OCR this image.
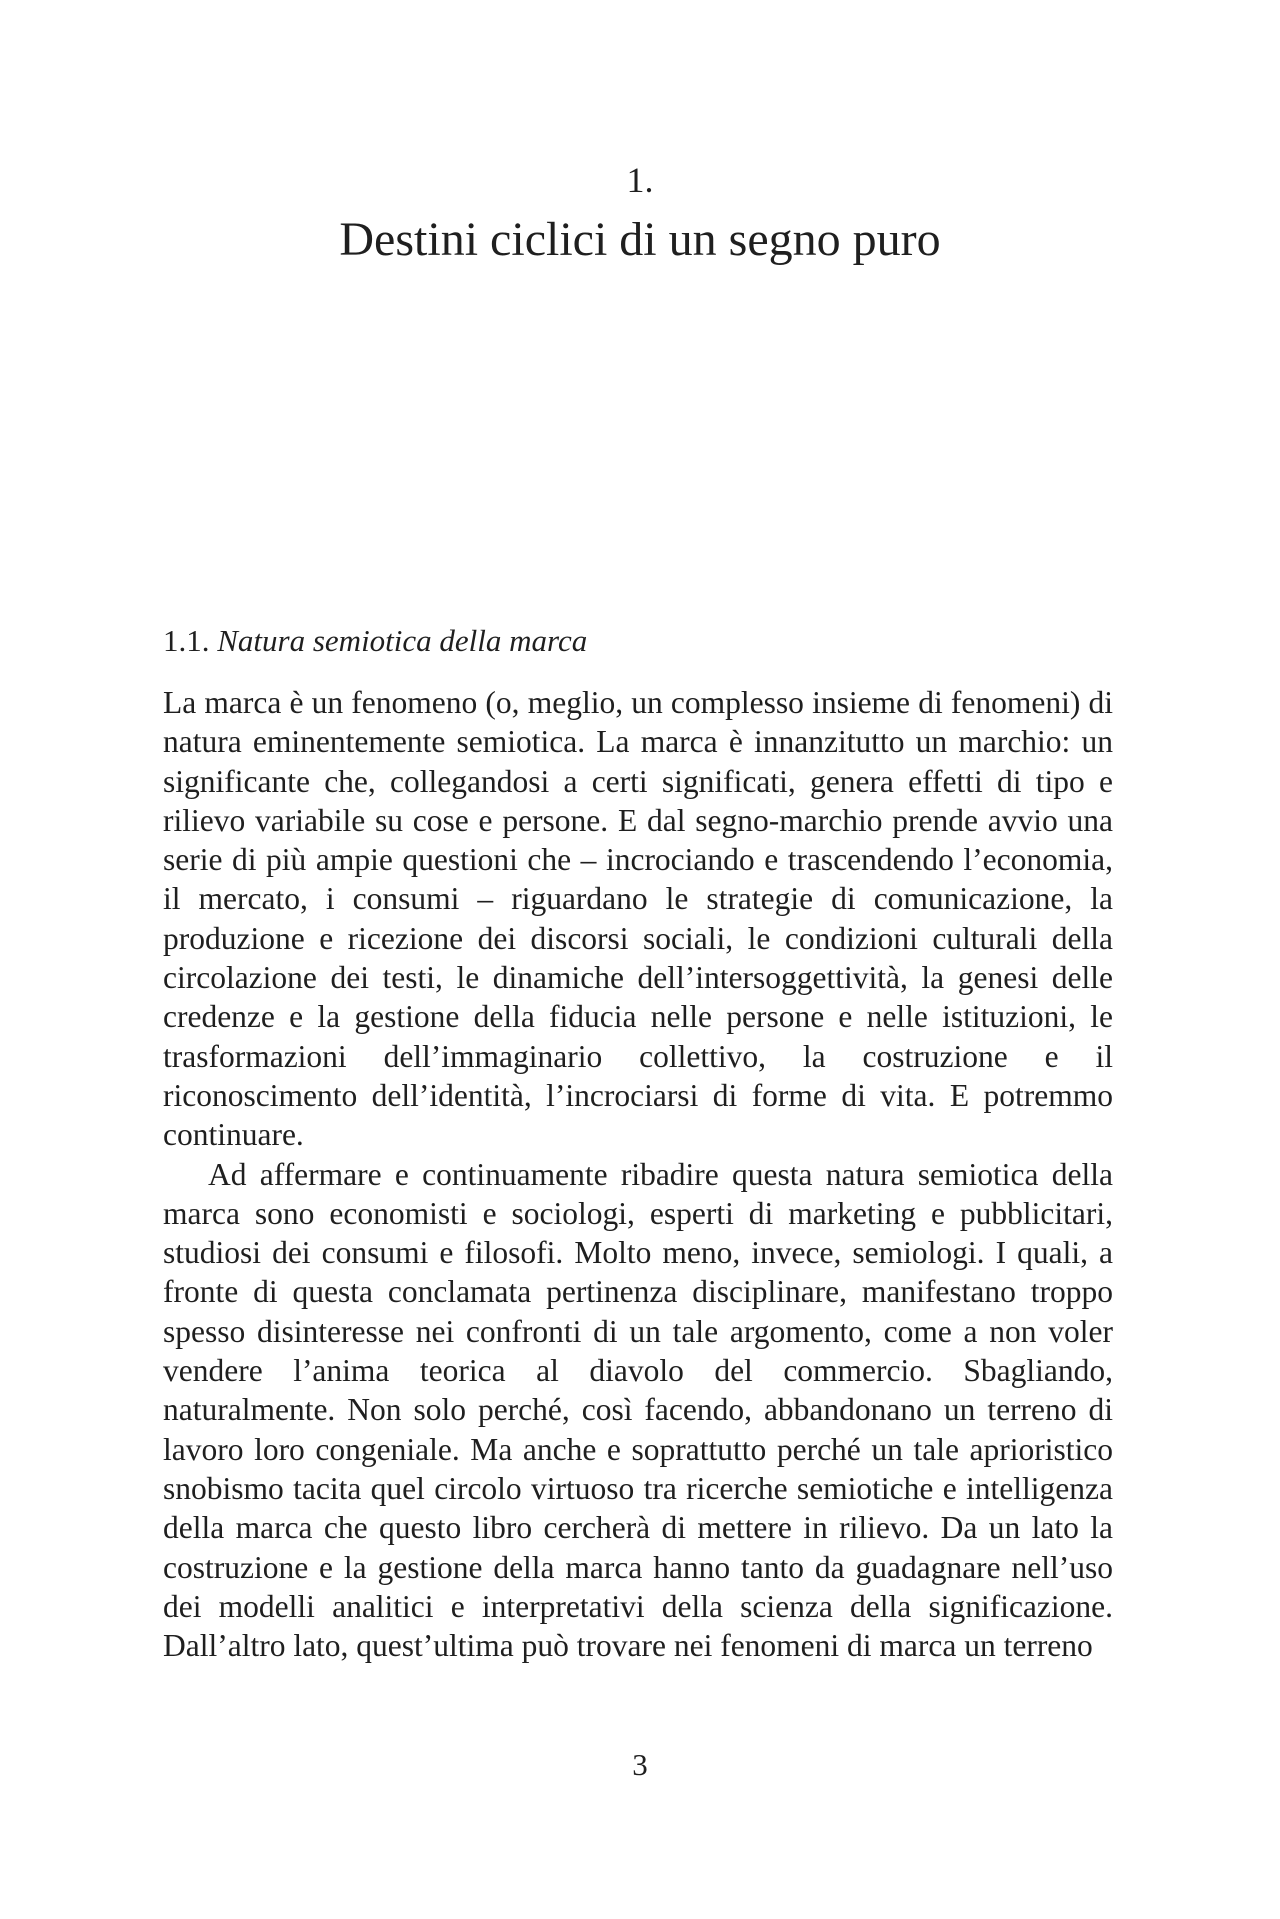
1.
Destini ciclici di un segno puro
1.1. Natura semiotica della marca

La marca è un fenomeno (o, meglio, un complesso insieme di fenomeni) di natura eminentemente semiotica. La marca è innanzitutto un marchio: un significante che, collegandosi a certi significati, genera effetti di tipo e rilievo variabile su cose e persone. E dal segno-marchio prende avvio una serie di più ampie questioni che – incrociando e trascendendo l’economia, il mercato, i consumi – riguardano le strategie di comunicazione, la produzione e ricezione dei discorsi sociali, le condizioni culturali della circolazione dei testi, le dinamiche dell’intersoggettività, la genesi delle credenze e la gestione della fiducia nelle persone e nelle istituzioni, le trasformazioni dell’immaginario collettivo, la costruzione e il riconoscimento dell’identità, l’incrociarsi di forme di vita. E potremmo continuare.

Ad affermare e continuamente ribadire questa natura semiotica della marca sono economisti e sociologi, esperti di marketing e pubblicitari, studiosi dei consumi e filosofi. Molto meno, invece, semiologi. I quali, a fronte di questa conclamata pertinenza disciplinare, manifestano troppo spesso disinteresse nei confronti di un tale argomento, come a non voler vendere l’anima teorica al diavolo del commercio. Sbagliando, naturalmente. Non solo perché, così facendo, abbandonano un terreno di lavoro loro congeniale. Ma anche e soprattutto perché un tale aprioristico snobismo tacita quel circolo virtuoso tra ricerche semiotiche e intelligenza della marca che questo libro cercherà di mettere in rilievo. Da un lato la costruzione e la gestione della marca hanno tanto da guadagnare nell’uso dei modelli analitici e interpretativi della scienza della significazione. Dall’altro lato, quest’ultima può trovare nei fenomeni di marca un terreno

3
